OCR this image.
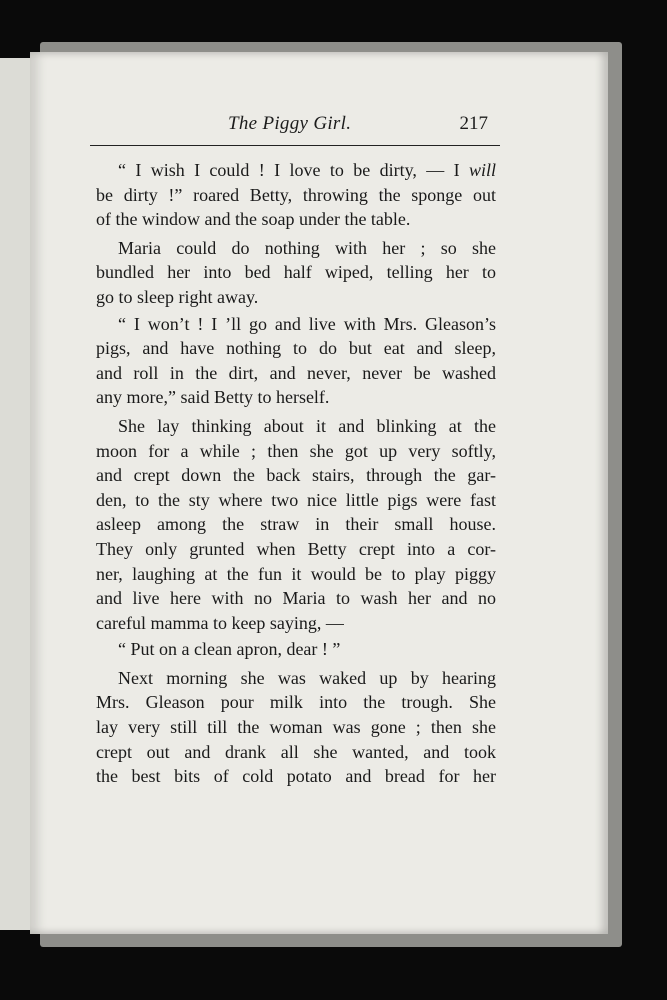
The Piggy Girl.	217
“ I wish I could ! I love to be dirty, — I will
be dirty !” roared Betty, throwing the sponge out
of the window and the soap under the table.
Maria could do nothing with her ; so she
bundled her into bed half wiped, telling her to
go to sleep right away.
“ I won’t ! I ’ll go and live with Mrs. Gleason’s
pigs, and have nothing to do but eat and sleep,
and roll in the dirt, and never, never be washed
any more,” said Betty to herself.
She lay thinking about it and blinking at the
moon for a while ; then she got up very softly,
and crept down the back stairs, through the gar-
den, to the sty where two nice little pigs were fast
asleep among the straw in their small house.
They only grunted when Betty crept into a cor-
ner, laughing at the fun it would be to play piggy
and live here with no Maria to wash her and no
careful mamma to keep saying, —
“ Put on a clean apron, dear ! ”
Next morning she was waked up by hearing
Mrs. Gleason pour milk into the trough. She
lay very still till the woman was gone ; then she
crept out and drank all she wanted, and took
the best bits of cold potato and bread for her
